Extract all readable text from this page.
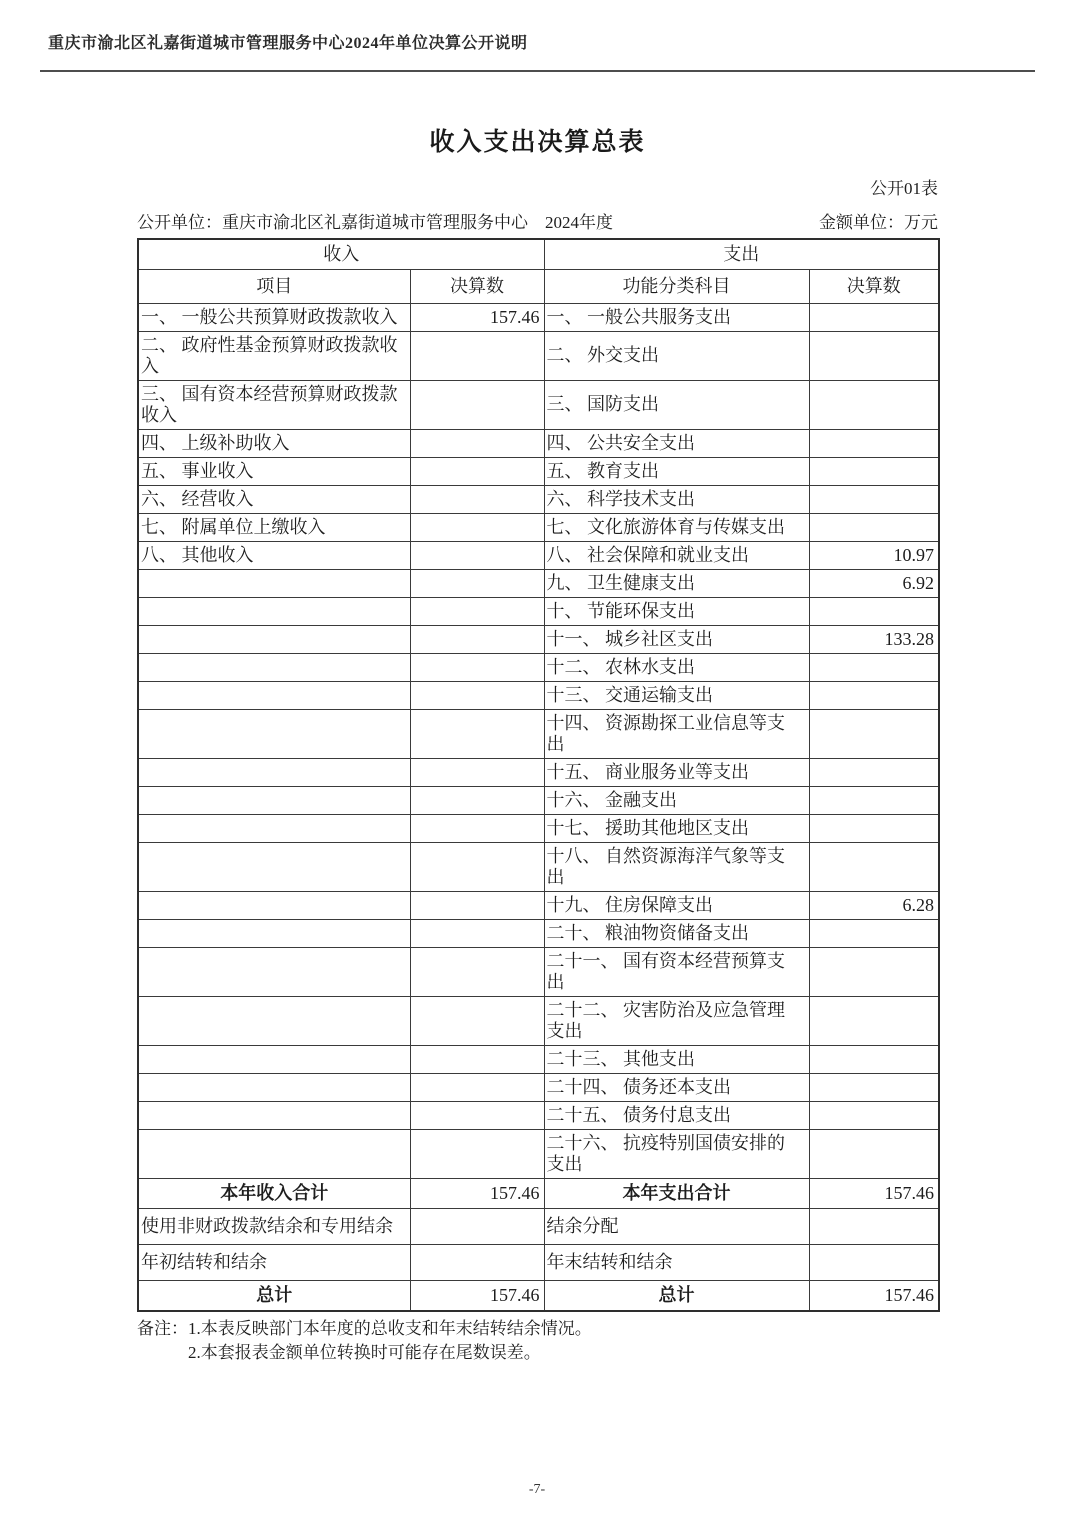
重庆市渝北区礼嘉街道城市管理服务中心2024年单位决算公开说明
收入支出决算总表
公开01表
公开单位：重庆市渝北区礼嘉街道城市管理服务中心　2024年度	金额单位：万元
收入		支出	
项目	决算数	功能分类科目	决算数
一、 一般公共预算财政拨款收入	157.46	一、 一般公共服务支出	
二、 政府性基金预算财政拨款收入		二、 外交支出	
三、 国有资本经营预算财政拨款收入		三、 国防支出	
四、 上级补助收入		四、 公共安全支出	
五、 事业收入		五、 教育支出	
六、 经营收入		六、 科学技术支出	
七、 附属单位上缴收入		七、 文化旅游体育与传媒支出	
八、 其他收入		八、 社会保障和就业支出	10.97
		九、 卫生健康支出	6.92
		十、 节能环保支出	
		十一、 城乡社区支出	133.28
		十二、 农林水支出	
		十三、 交通运输支出	
		十四、 资源勘探工业信息等支出	
		十五、 商业服务业等支出	
		十六、 金融支出	
		十七、 援助其他地区支出	
		十八、 自然资源海洋气象等支出	
		十九、 住房保障支出	6.28
		二十、 粮油物资储备支出	
		二十一、 国有资本经营预算支出	
		二十二、 灾害防治及应急管理支出	
		二十三、 其他支出	
		二十四、 债务还本支出	
		二十五、 债务付息支出	
		二十六、 抗疫特别国债安排的支出	
本年收入合计	157.46	本年支出合计	157.46
使用非财政拨款结余和专用结余		结余分配	
年初结转和结余		年末结转和结余	
总计	157.46	总计	157.46
备注：1.本表反映部门本年度的总收支和年末结转结余情况。
2.本套报表金额单位转换时可能存在尾数误差。
-7-
